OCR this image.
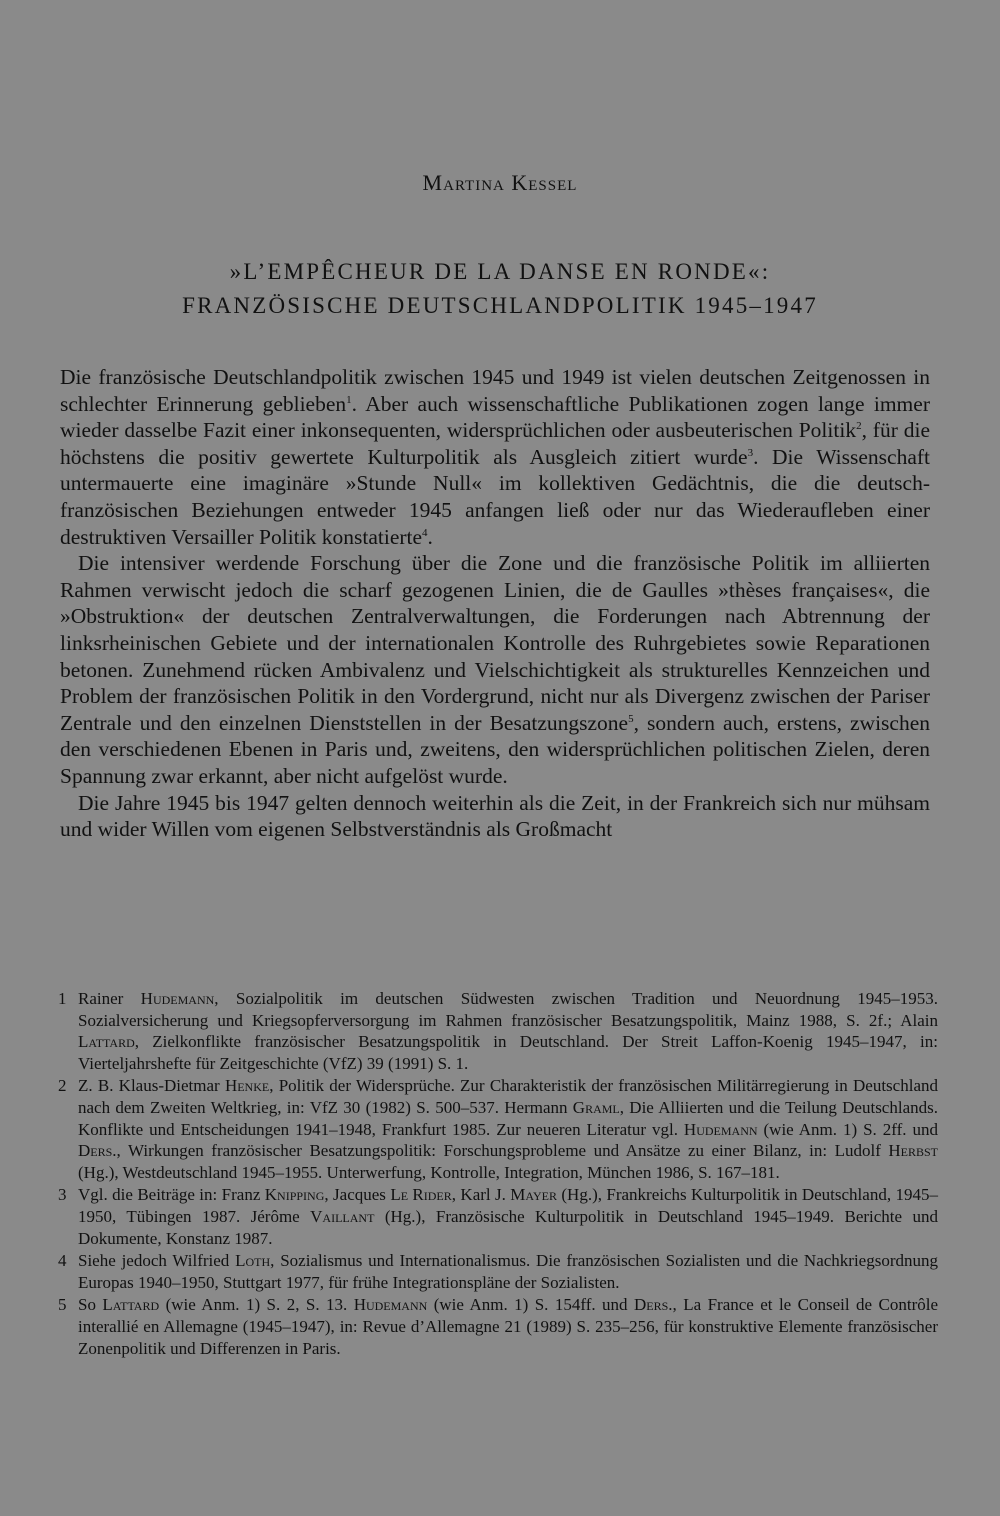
Martina Kessel
»L’EMPÊCHEUR DE LA DANSE EN RONDE«:
FRANZÖSISCHE DEUTSCHLANDPOLITIK 1945–1947

Die französische Deutschlandpolitik zwischen 1945 und 1949 ist vielen deutschen Zeitgenossen in schlechter Erinnerung geblieben$^1$. Aber auch wissenschaftliche Publikationen zogen lange immer wieder dasselbe Fazit einer inkonsequenten, widersprüchlichen oder ausbeuterischen Politik$^2$, für die höchstens die positiv gewertete Kulturpolitik als Ausgleich zitiert wurde$^3$. Die Wissenschaft untermauerte eine imaginäre »Stunde Null« im kollektiven Gedächtnis, die die deutsch-französischen Beziehungen entweder 1945 anfangen ließ oder nur das Wiederaufleben einer destruktiven Versailler Politik konstatierte$^4$.

Die intensiver werdende Forschung über die Zone und die französische Politik im alliierten Rahmen verwischt jedoch die scharf gezogenen Linien, die de Gaulles »thèses françaises«, die »Obstruktion« der deutschen Zentralverwaltungen, die Forderungen nach Abtrennung der linksrheinischen Gebiete und der internationalen Kontrolle des Ruhrgebietes sowie Reparationen betonen. Zunehmend rücken Ambivalenz und Vielschichtigkeit als strukturelles Kennzeichen und Problem der französischen Politik in den Vordergrund, nicht nur als Divergenz zwischen der Pariser Zentrale und den einzelnen Dienststellen in der Besatzungszone$^5$, sondern auch, erstens, zwischen den verschiedenen Ebenen in Paris und, zweitens, den widersprüchlichen politischen Zielen, deren Spannung zwar erkannt, aber nicht aufgelöst wurde.

Die Jahre 1945 bis 1947 gelten dennoch weiterhin als die Zeit, in der Frankreich sich nur mühsam und wider Willen vom eigenen Selbstverständnis als Großmacht

1 Rainer Hudemann, Sozialpolitik im deutschen Südwesten zwischen Tradition und Neuordnung 1945–1953. Sozialversicherung und Kriegsopferversorgung im Rahmen französischer Besatzungspolitik, Mainz 1988, S. 2f.; Alain Lattard, Zielkonflikte französischer Besatzungspolitik in Deutschland. Der Streit Laffon-Koenig 1945–1947, in: Vierteljahrshefte für Zeitgeschichte (VfZ) 39 (1991) S. 1.
2 Z. B. Klaus-Dietmar Henke, Politik der Widersprüche. Zur Charakteristik der französischen Militärregierung in Deutschland nach dem Zweiten Weltkrieg, in: VfZ 30 (1982) S. 500–537. Hermann Graml, Die Alliierten und die Teilung Deutschlands. Konflikte und Entscheidungen 1941–1948, Frankfurt 1985. Zur neueren Literatur vgl. Hudemann (wie Anm. 1) S. 2ff. und Ders., Wirkungen französischer Besatzungspolitik: Forschungsprobleme und Ansätze zu einer Bilanz, in: Ludolf Herbst (Hg.), Westdeutschland 1945–1955. Unterwerfung, Kontrolle, Integration, München 1986, S. 167–181.
3 Vgl. die Beiträge in: Franz Knipping, Jacques Le Rider, Karl J. Mayer (Hg.), Frankreichs Kulturpolitik in Deutschland, 1945–1950, Tübingen 1987. Jérôme Vaillant (Hg.), Französische Kulturpolitik in Deutschland 1945–1949. Berichte und Dokumente, Konstanz 1987.
4 Siehe jedoch Wilfried Loth, Sozialismus und Internationalismus. Die französischen Sozialisten und die Nachkriegsordnung Europas 1940–1950, Stuttgart 1977, für frühe Integrationspläne der Sozialisten.
5 So Lattard (wie Anm. 1) S. 2, S. 13. Hudemann (wie Anm. 1) S. 154ff. und Ders., La France et le Conseil de Contrôle interallié en Allemagne (1945–1947), in: Revue d’Allemagne 21 (1989) S. 235–256, für konstruktive Elemente französischer Zonenpolitik und Differenzen in Paris.
